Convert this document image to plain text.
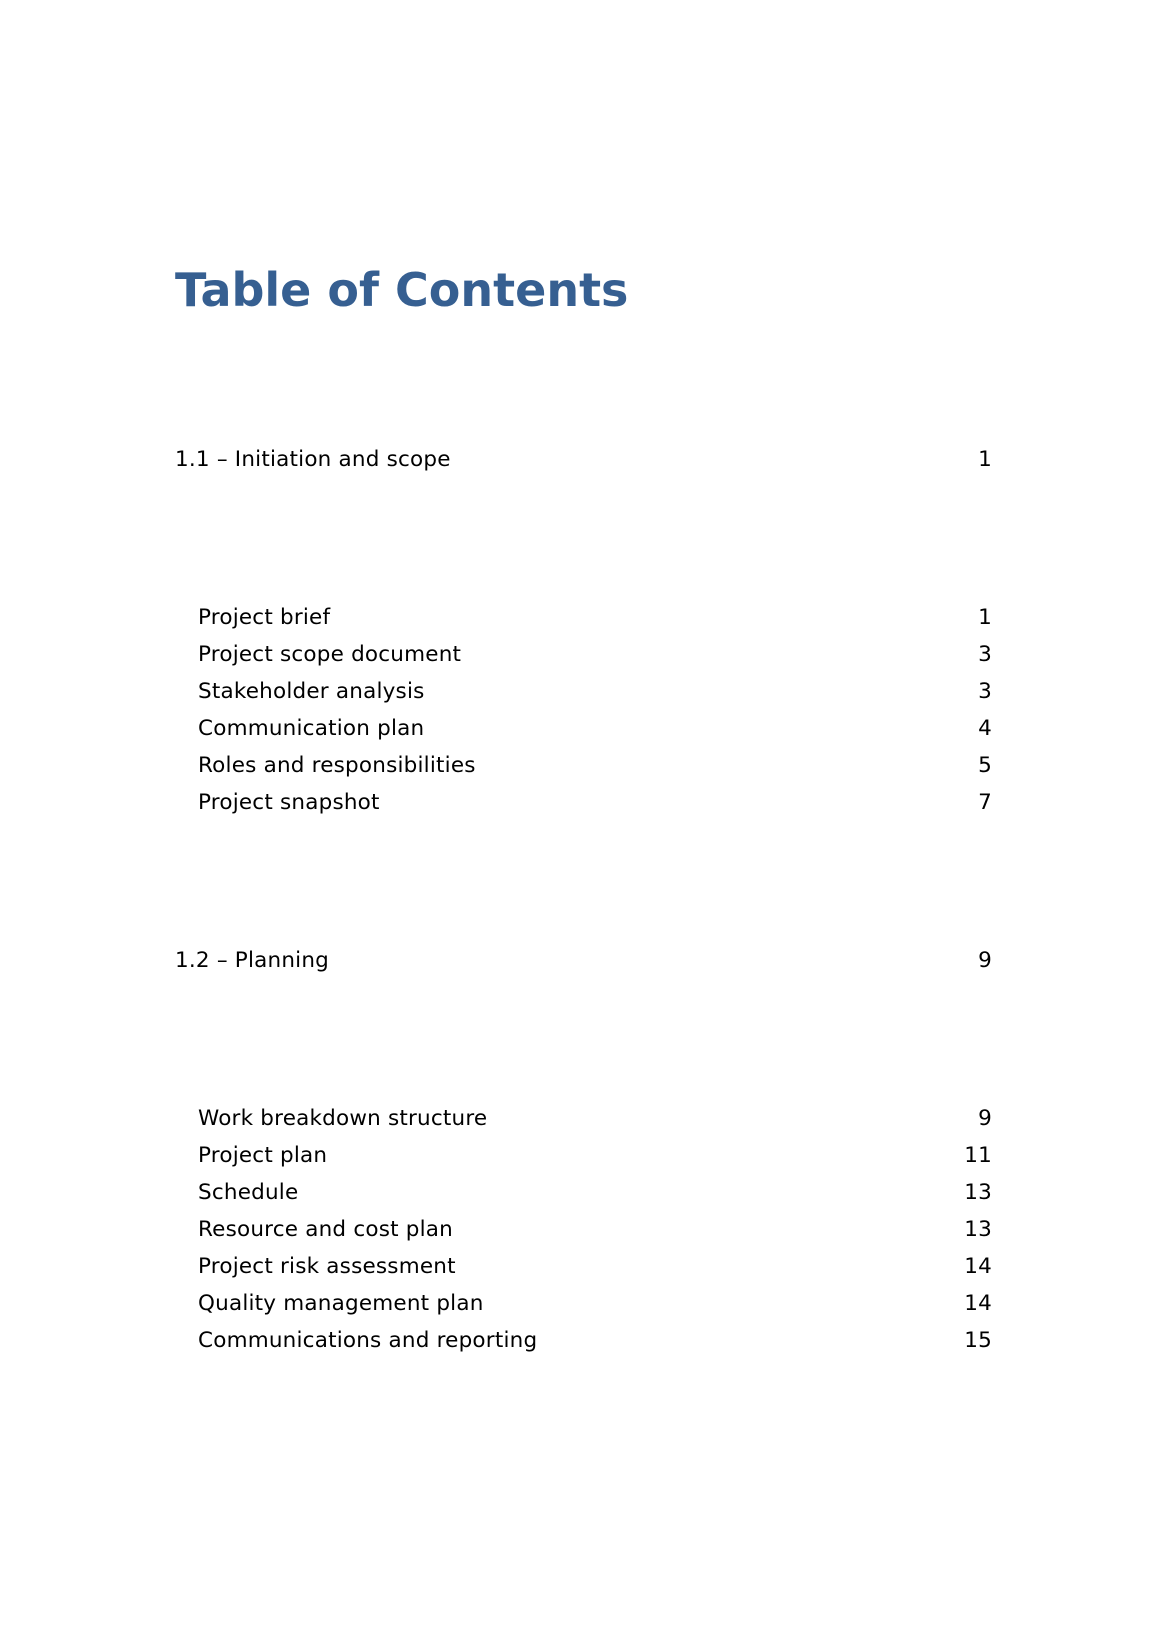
Table of Contents
1.1 – Initiation and scope	1
Project brief	1
Project scope document	3
Stakeholder analysis	3
Communication plan	4
Roles and responsibilities	5
Project snapshot	7
1.2 – Planning	9
Work breakdown structure	9
Project plan	11
Schedule	13
Resource and cost plan	13
Project risk assessment	14
Quality management plan	14
Communications and reporting	15
